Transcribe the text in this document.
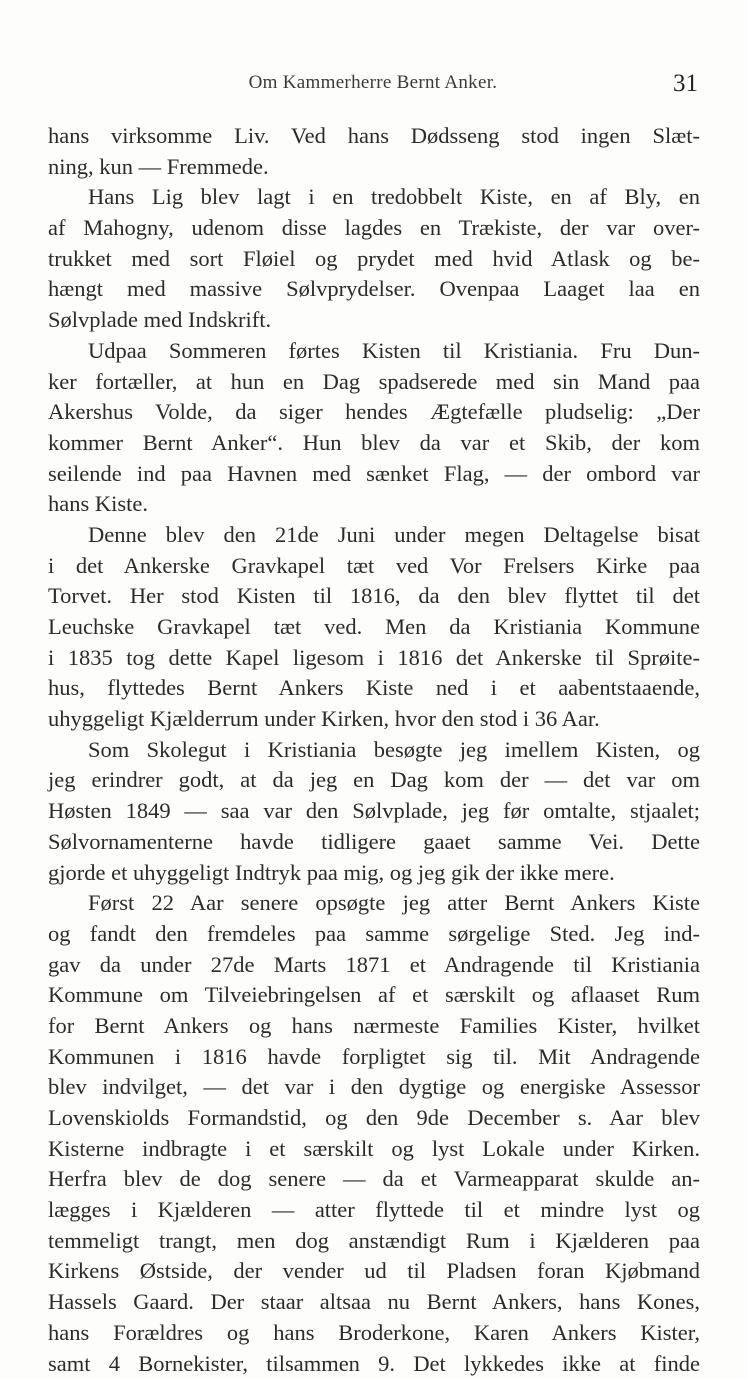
Om Kammerherre Bernt Anker.	31
hans virksomme Liv. Ved hans Dødsseng stod ingen Slæt-
ning, kun — Fremmede.
Hans Lig blev lagt i en tredobbelt Kiste, en af Bly, en
af Mahogny, udenom disse lagdes en Trækiste, der var over-
trukket med sort Fløiel og prydet med hvid Atlask og be-
hængt med massive Sølvprydelser. Ovenpaa Laaget laa en
Sølvplade med Indskrift.
Udpaa Sommeren førtes Kisten til Kristiania. Fru Dun-
ker fortæller, at hun en Dag spadserede med sin Mand paa
Akershus Volde, da siger hendes Ægtefælle pludselig: „Der
kommer Bernt Anker“. Hun blev da var et Skib, der kom
seilende ind paa Havnen med sænket Flag, — der ombord var
hans Kiste.
Denne blev den 21de Juni under megen Deltagelse bisat
i det Ankerske Gravkapel tæt ved Vor Frelsers Kirke paa
Torvet. Her stod Kisten til 1816, da den blev flyttet til det
Leuchske Gravkapel tæt ved. Men da Kristiania Kommune
i 1835 tog dette Kapel ligesom i 1816 det Ankerske til Sprøite-
hus, flyttedes Bernt Ankers Kiste ned i et aabentstaaende,
uhyggeligt Kjælderrum under Kirken, hvor den stod i 36 Aar.
Som Skolegut i Kristiania besøgte jeg imellem Kisten, og
jeg erindrer godt, at da jeg en Dag kom der — det var om
Høsten 1849 — saa var den Sølvplade, jeg før omtalte, stjaalet;
Sølvornamenterne havde tidligere gaaet samme Vei. Dette
gjorde et uhyggeligt Indtryk paa mig, og jeg gik der ikke mere.
Først 22 Aar senere opsøgte jeg atter Bernt Ankers Kiste
og fandt den fremdeles paa samme sørgelige Sted. Jeg ind-
gav da under 27de Marts 1871 et Andragende til Kristiania
Kommune om Tilveiebringelsen af et særskilt og aflaaset Rum
for Bernt Ankers og hans nærmeste Families Kister, hvilket
Kommunen i 1816 havde forpligtet sig til. Mit Andragende
blev indvilget, — det var i den dygtige og energiske Assessor
Lovenskiolds Formandstid, og den 9de December s. Aar blev
Kisterne indbragte i et særskilt og lyst Lokale under Kirken.
Herfra blev de dog senere — da et Varmeapparat skulde an-
lægges i Kjælderen — atter flyttede til et mindre lyst og
temmeligt trangt, men dog anstændigt Rum i Kjælderen paa
Kirkens Østside, der vender ud til Pladsen foran Kjøbmand
Hassels Gaard. Der staar altsaa nu Bernt Ankers, hans Kones,
hans Forældres og hans Broderkone, Karen Ankers Kister,
samt 4 Bornekister, tilsammen 9. Det lykkedes ikke at finde
